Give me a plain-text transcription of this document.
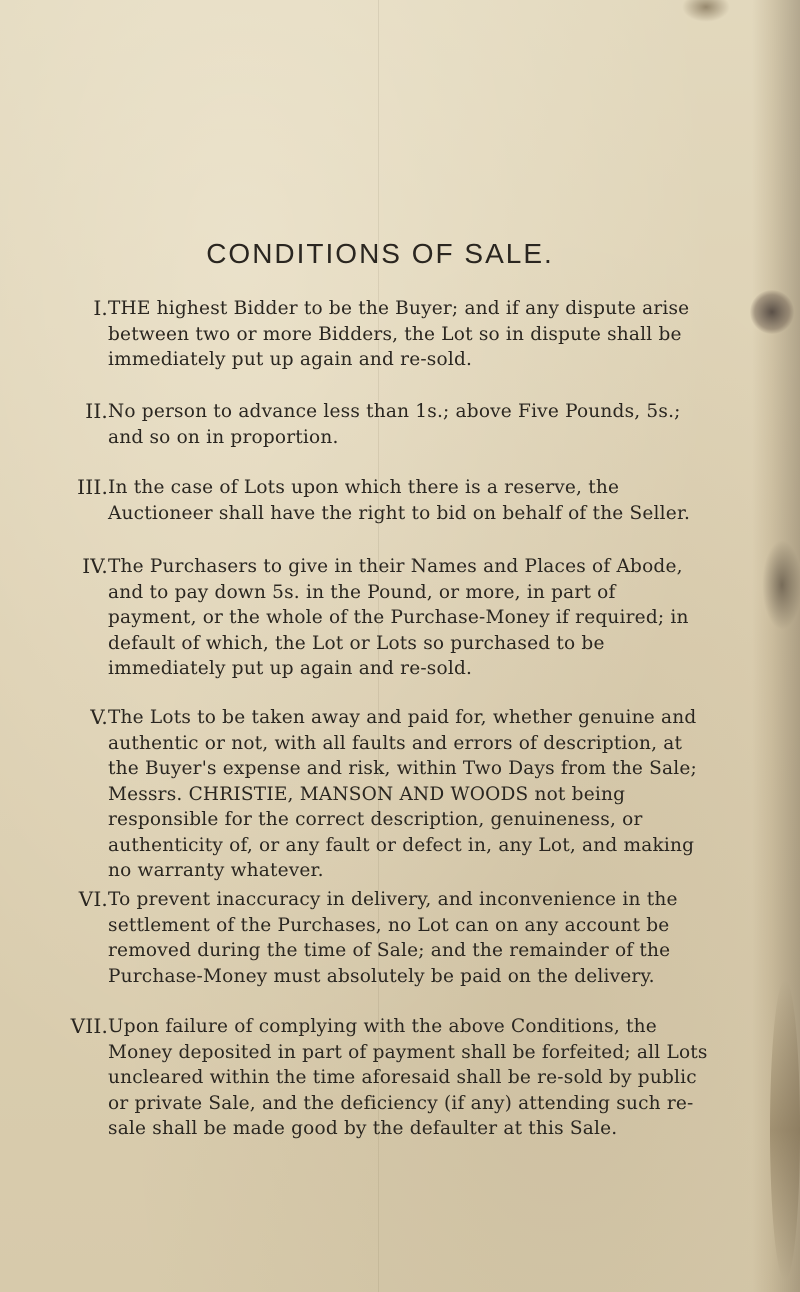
CONDITIONS OF SALE.
I. THE highest Bidder to be the Buyer; and if any dispute arise between two or more Bidders, the Lot so in dispute shall be immediately put up again and re-sold.
II. No person to advance less than 1s.; above Five Pounds, 5s.; and so on in proportion.
III. In the case of Lots upon which there is a reserve, the Auctioneer shall have the right to bid on behalf of the Seller.
IV. The Purchasers to give in their Names and Places of Abode, and to pay down 5s. in the Pound, or more, in part of payment, or the whole of the Purchase-Money if required; in default of which, the Lot or Lots so purchased to be immediately put up again and re-sold.
V. The Lots to be taken away and paid for, whether genuine and authentic or not, with all faults and errors of description, at the Buyer's expense and risk, within Two Days from the Sale; Messrs. CHRISTIE, MANSON AND WOODS not being responsible for the correct description, genuineness, or authenticity of, or any fault or defect in, any Lot, and making no warranty whatever.
VI. To prevent inaccuracy in delivery, and inconvenience in the settlement of the Purchases, no Lot can on any account be removed during the time of Sale; and the remainder of the Purchase-Money must absolutely be paid on the delivery.
VII. Upon failure of complying with the above Conditions, the Money deposited in part of payment shall be forfeited; all Lots uncleared within the time aforesaid shall be re-sold by public or private Sale, and the deficiency (if any) attending such re-sale shall be made good by the defaulter at this Sale.
